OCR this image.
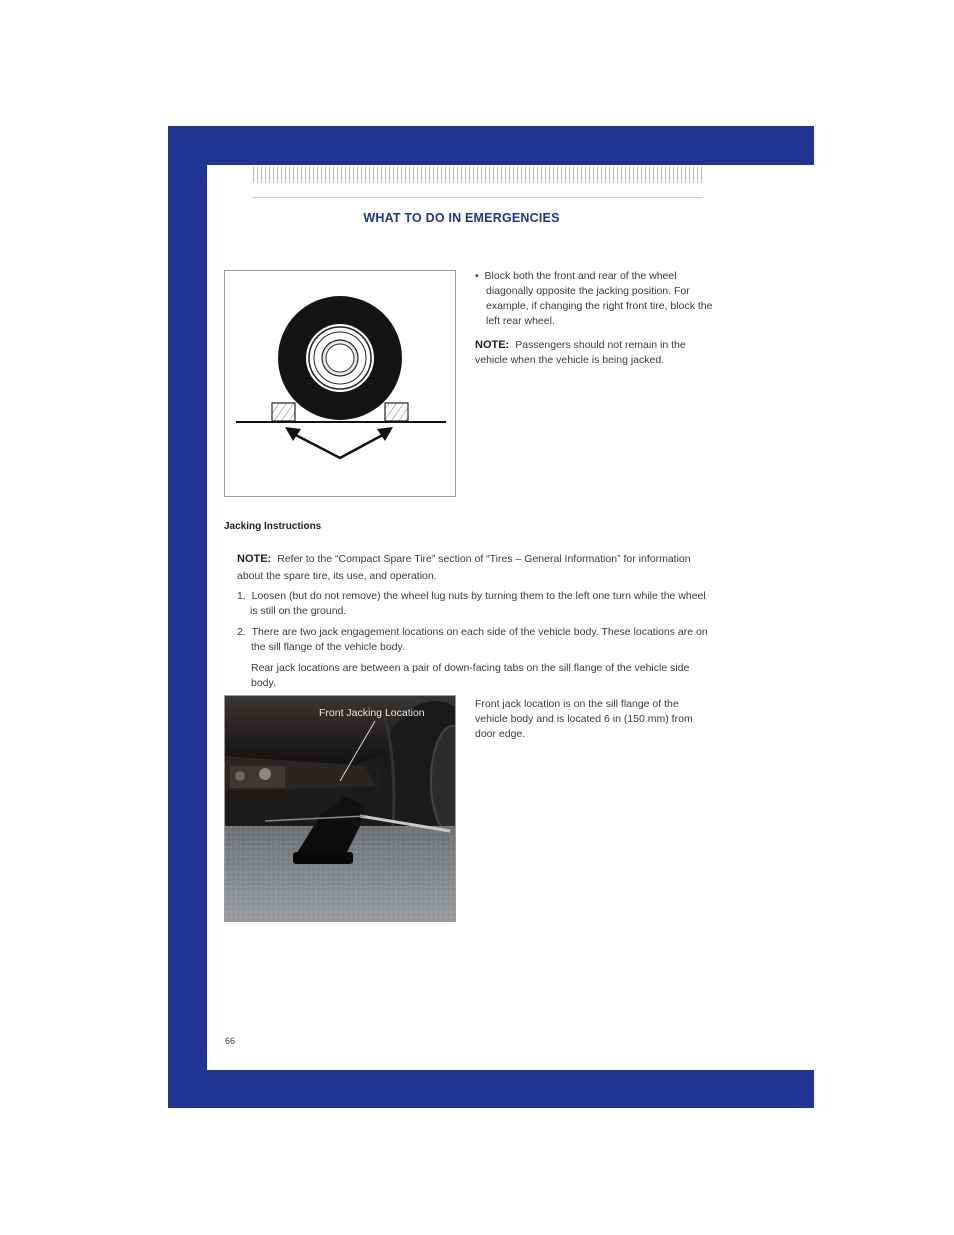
WHAT TO DO IN EMERGENCIES
• Block both the front and rear of the wheel diagonally opposite the jacking position. For example, if changing the right front tire, block the left rear wheel.
NOTE: Passengers should not remain in the vehicle when the vehicle is being jacked.
Jacking Instructions
NOTE: Refer to the “Compact Spare Tire” section of “Tires – General Information” for information about the spare tire, its use, and operation.
1. Loosen (but do not remove) the wheel lug nuts by turning them to the left one turn while the wheel is still on the ground.
2. There are two jack engagement locations on each side of the vehicle body. These locations are on the sill flange of the vehicle body.
Rear jack locations are between a pair of down-facing tabs on the sill flange of the vehicle side body.
Front Jacking Location
Front jack location is on the sill flange of the vehicle body and is located 6 in (150 mm) from door edge.
66
